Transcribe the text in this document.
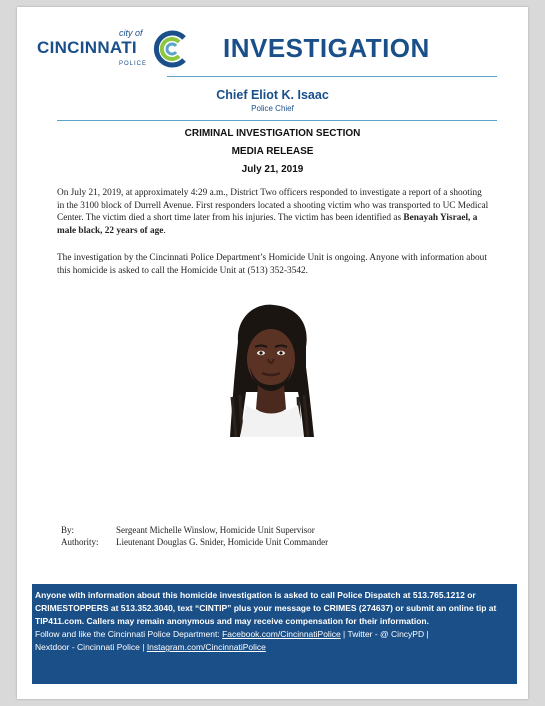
city of
CINCINNATI
POLICE
INVESTIGATION
Chief Eliot K. Isaac
Police Chief
CRIMINAL INVESTIGATION SECTION
MEDIA RELEASE
July 21, 2019

On July 21, 2019, at approximately 4:29 a.m., District Two officers responded to investigate a report of a shooting in the 3100 block of Durrell Avenue. First responders located a shooting victim who was transported to UC Medical Center. The victim died a short time later from his injuries. The victim has been identified as Benayah Yisrael, a male black, 22 years of age.

The investigation by the Cincinnati Police Department’s Homicide Unit is ongoing. Anyone with information about this homicide is asked to call the Homicide Unit at (513) 352-3542.

By:	Sergeant Michelle Winslow, Homicide Unit Supervisor
Authority:	Lieutenant Douglas G. Snider, Homicide Unit Commander
Anyone with information about this homicide investigation is asked to call Police Dispatch at 513.765.1212 or CRIMESTOPPERS at 513.352.3040, text “CINTIP” plus your message to CRIMES (274637) or submit an online tip at TIP411.com. Callers may remain anonymous and may receive compensation for their information.
Follow and like the Cincinnati Police Department: Facebook.com/CincinnatiPolice | Twitter - @ CincyPD |
Nextdoor - Cincinnati Police | Instagram.com/CincinnatiPolice
